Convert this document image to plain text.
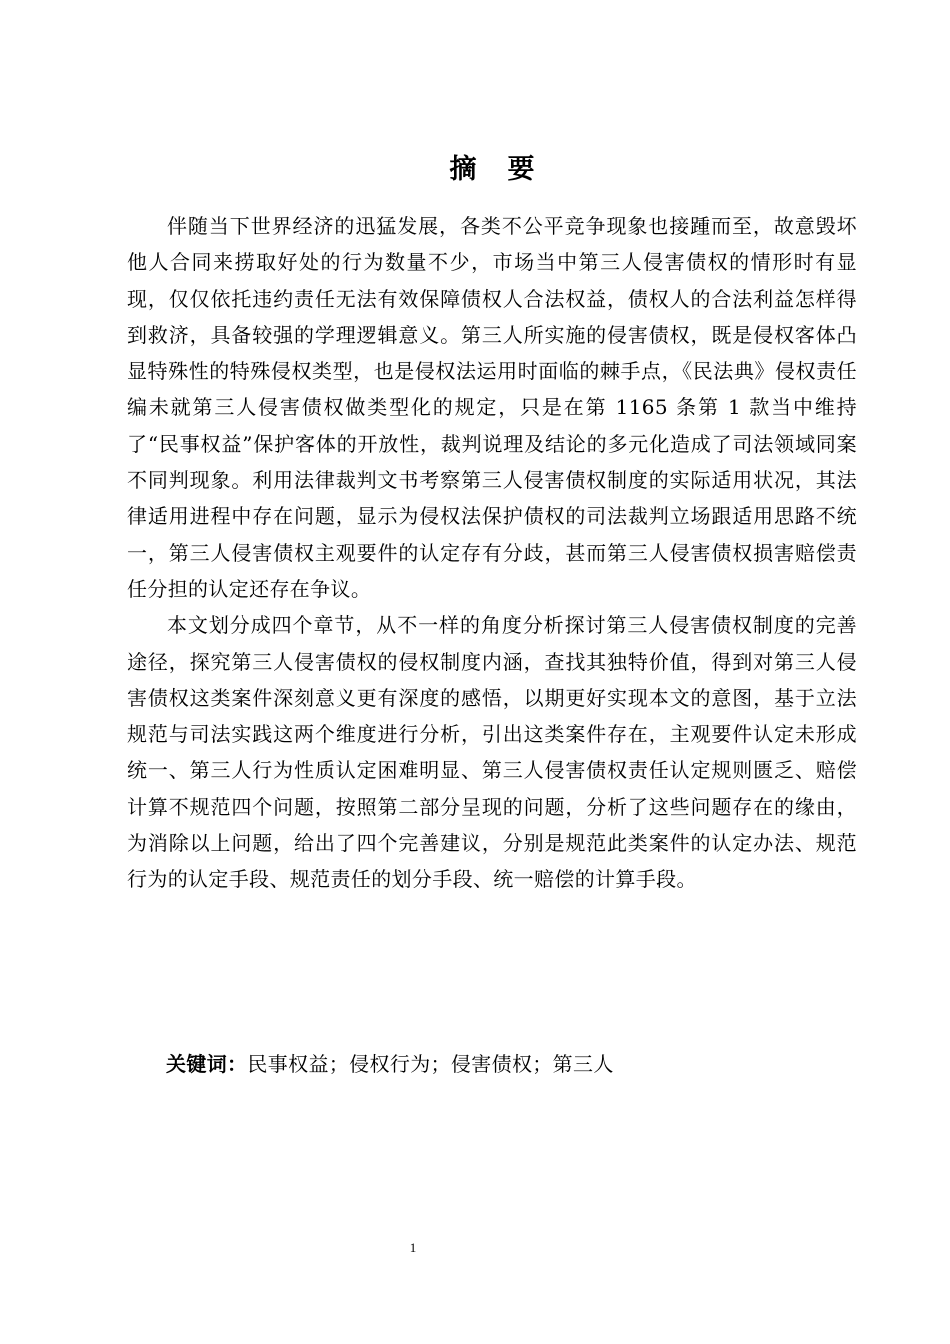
摘　要

伴随当下世界经济的迅猛发展，各类不公平竞争现象也接踵而至，故意毁坏他人合同来捞取好处的行为数量不少，市场当中第三人侵害债权的情形时有显现，仅仅依托违约责任无法有效保障债权人合法权益，债权人的合法利益怎样得到救济，具备较强的学理逻辑意义。第三人所实施的侵害债权，既是侵权客体凸显特殊性的特殊侵权类型，也是侵权法运用时面临的棘手点，《民法典》侵权责任编未就第三人侵害债权做类型化的规定，只是在第 1165 条第 1 款当中维持了“民事权益”保护客体的开放性，裁判说理及结论的多元化造成了司法领域同案不同判现象。利用法律裁判文书考察第三人侵害债权制度的实际适用状况，其法律适用进程中存在问题，显示为侵权法保护债权的司法裁判立场跟适用思路不统一，第三人侵害债权主观要件的认定存有分歧，甚而第三人侵害债权损害赔偿责任分担的认定还存在争议。

本文划分成四个章节，从不一样的角度分析探讨第三人侵害债权制度的完善途径，探究第三人侵害债权的侵权制度内涵，查找其独特价值，得到对第三人侵害债权这类案件深刻意义更有深度的感悟，以期更好实现本文的意图，基于立法规范与司法实践这两个维度进行分析，引出这类案件存在，主观要件认定未形成统一、第三人行为性质认定困难明显、第三人侵害债权责任认定规则匮乏、赔偿计算不规范四个问题，按照第二部分呈现的问题，分析了这些问题存在的缘由，为消除以上问题，给出了四个完善建议，分别是规范此类案件的认定办法、规范行为的认定手段、规范责任的划分手段、统一赔偿的计算手段。

关键词：民事权益；侵权行为；侵害债权；第三人
1
